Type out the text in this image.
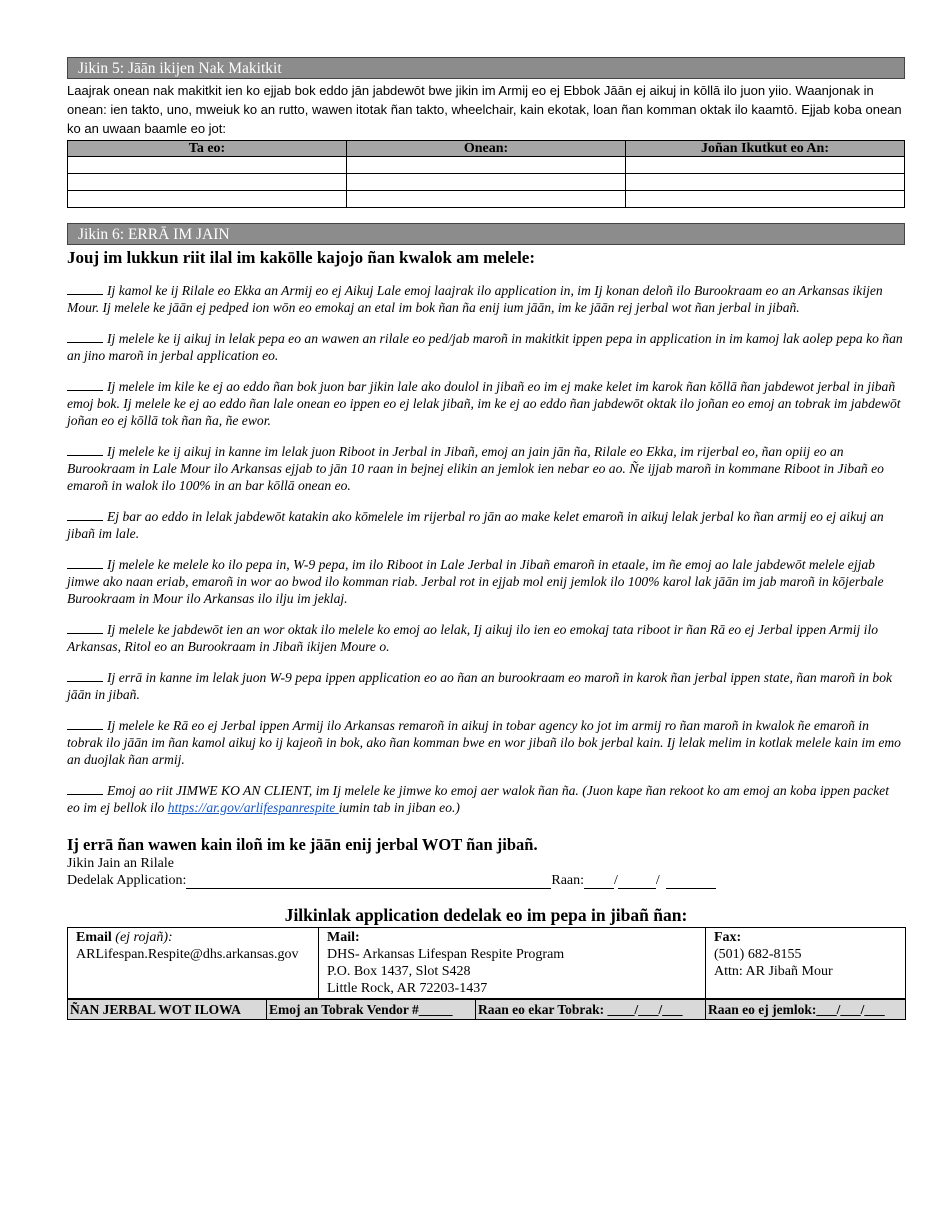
Jikin 5: Jāān ikijen Nak Makitkit
Laajrak onean nak makitkit ien ko ejjab bok eddo jān jabdewōt bwe jikin im Armij eo ej Ebbok Jāān ej aikuj in kōllā ilo juon yiio. Waanjonak in onean: ien takto, uno, mweiuk ko an rutto, wawen itotak ñan takto, wheelchair, kain ekotak, loan ñan komman oktak ilo kaamtō. Ejjab koba onean ko an uwaan baamle eo jot:
Ta eo:	Onean:	Joñan Ikutkut eo An:

Jikin 6: ERRĀ IM JAIN
Jouj im lukkun riit ilal im kakōlle kajojo ñan kwalok am melele:
Ij kamol ke ij Rilale eo Ekka an Armij eo ej Aikuj Lale emoj laajrak ilo application in, im Ij konan deloñ ilo Burookraam eo an Arkansas ikijen Mour. Ij melele ke jāān ej pedped ion wōn eo emokaj an etal im bok ñan ña enij ium jāān, im ke jāān rej jerbal wot ñan jerbal in jibañ.
Ij melele ke ij aikuj in lelak pepa eo an wawen an rilale eo ped/jab maroñ in makitkit ippen pepa in application in im kamoj lak aolep pepa ko ñan an jino maroñ in jerbal application eo.
Ij melele im kile ke ej ao eddo ñan bok juon bar jikin lale ako doulol in jibañ eo im ej make kelet im karok ñan kōllā ñan jabdewot jerbal in jibañ emoj bok. Ij melele ke ej ao eddo ñan lale onean eo ippen eo ej lelak jibañ, im ke ej ao eddo ñan jabdewōt oktak ilo joñan eo emoj an tobrak im jabdewōt joñan eo ej kōllā tok ñan ña, ñe ewor.
Ij melele ke ij aikuj in kanne im lelak juon Riboot in Jerbal in Jibañ, emoj an jain jān ña, Rilale eo Ekka, im rijerbal eo, ñan opiij eo an Burookraam in Lale Mour ilo Arkansas ejjab to jān 10 raan in bejnej elikin an jemlok ien nebar eo ao. Ñe ijjab maroñ in kommane Riboot in Jibañ eo emaroñ in walok ilo 100% in an bar kōllā onean eo.
Ej bar ao eddo in lelak jabdewōt katakin ako kōmelele im rijerbal ro jān ao make kelet emaroñ in aikuj lelak jerbal ko ñan armij eo ej aikuj an jibañ im lale.
Ij melele ke melele ko ilo pepa in, W-9 pepa, im ilo Riboot in Lale Jerbal in Jibañ emaroñ in etaale, im ñe emoj ao lale jabdewōt melele ejjab jimwe ako naan eriab, emaroñ in wor ao bwod ilo komman riab. Jerbal rot in ejjab mol enij jemlok ilo 100% karol lak jāān im jab maroñ in kōjerbale Burookraam in Mour ilo Arkansas ilo ilju im jeklaj.
Ij melele ke jabdewōt ien an wor oktak ilo melele ko emoj ao lelak, Ij aikuj ilo ien eo emokaj tata riboot ir ñan Rā eo ej Jerbal ippen Armij ilo Arkansas, Ritol eo an Burookraam in Jibañ ikijen Moure o.
Ij errā in kanne im lelak juon W-9 pepa ippen application eo ao ñan an burookraam eo maroñ in karok ñan jerbal ippen state, ñan maroñ in bok jāān in jibañ.
Ij melele ke Rā eo ej Jerbal ippen Armij ilo Arkansas remaroñ in aikuj in tobar agency ko jot im armij ro ñan maroñ in kwalok ñe emaroñ in tobrak ilo jāān im ñan kamol aikuj ko ij kajeoñ in bok, ako ñan komman bwe en wor jibañ ilo bok jerbal kain. Ij lelak melim in kotlak melele kain im emo an duojlak ñan armij.
Emoj ao riit JIMWE KO AN CLIENT, im Ij melele ke jimwe ko emoj aer walok ñan ña. (Juon kape ñan rekoot ko am emoj an koba ippen packet eo im ej bellok ilo https://ar.gov/arlifespanrespite iumin tab in jiban eo.)
Ij errā ñan wawen kain iloñ im ke jāān enij jerbal WOT ñan jibañ.
Jikin Jain an Rilale
Dedelak Application:	Raan: /	/
Jilkinlak application dedelak eo im pepa in jibañ ñan:
Email (ej rojañ):
ARLifespan.Respite@dhs.arkansas.gov

Mail:
DHS- Arkansas Lifespan Respite Program
P.O. Box 1437, Slot S428
Little Rock, AR 72203-1437

Fax:
(501) 682-8155
Attn: AR Jibañ Mour
ÑAN JERBAL WOT ILOWA	Emoj an Tobrak Vendor #_____	Raan eo ekar Tobrak: ____/___/___	Raan eo ej jemlok:___/___/___
